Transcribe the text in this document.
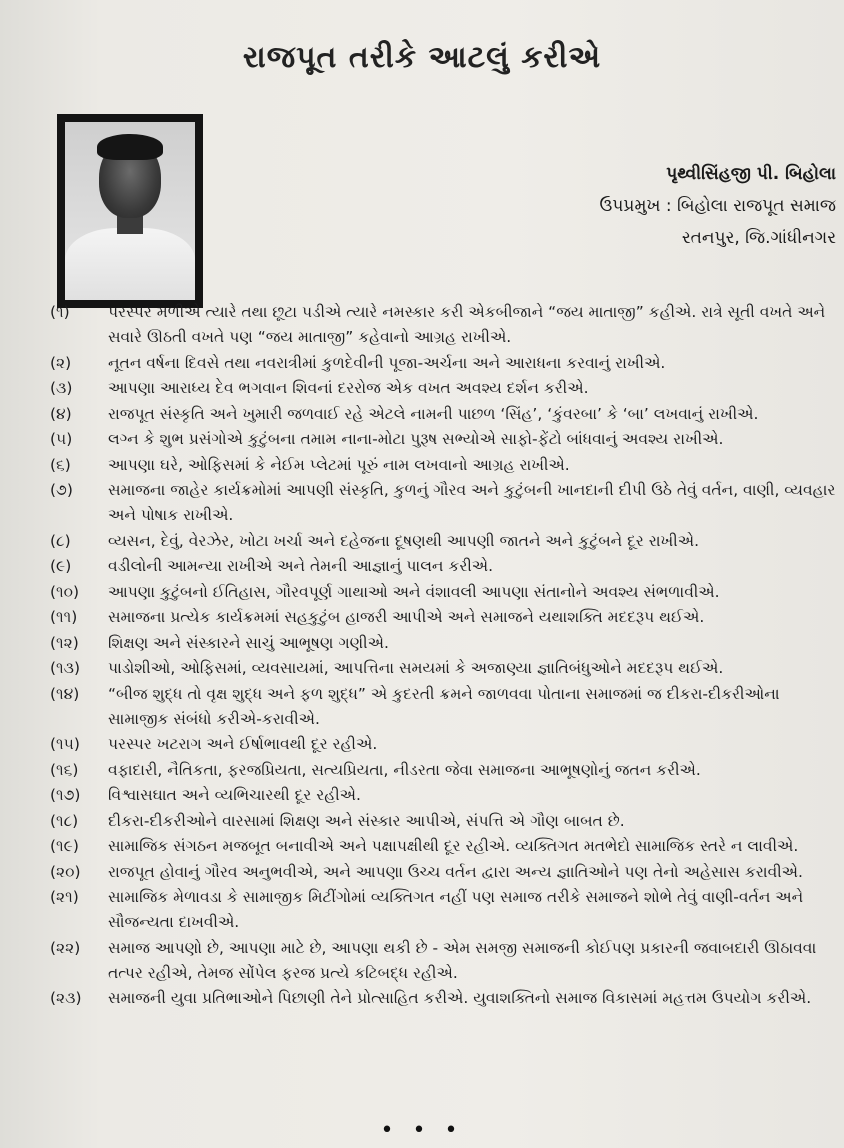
રાજપૂત તરીકે આટલું કરીએ
પૃથ્વીસિંહજી પી. બિહોલા
ઉપપ્રમુખ : બિહોલા રાજપૂત સમાજ
રતનપુર, જિ.ગાંધીનગર
(૧)	પરસ્પર મળીએ ત્યારે તથા છૂટા પડીએ ત્યારે નમસ્કાર કરી એકબીજાને “જય માતાજી” કહીએ. રાત્રે સૂતી વખતે અને સવારે ઊઠતી વખતે પણ “જય માતાજી” કહેવાનો આગ્રહ રાખીએ.
(૨)	નૂતન વર્ષના દિવસે તથા નવરાત્રીમાં કુળદેવીની પૂજા-અર્ચના અને આરાધના કરવાનું રાખીએ.
(૩)	આપણા આરાધ્ય દેવ ભગવાન શિવનાં દરરોજ એક વખત અવશ્ય દર્શન કરીએ.
(૪)	રાજપૂત સંસ્કૃતિ અને ખુમારી જળવાઈ રહે એટલે નામની પાછળ ‘સિંહ’, ‘કુંવરબા’ કે ‘બા’ લખવાનું રાખીએ.
(૫)	લગ્ન કે શુભ પ્રસંગોએ કુટુંબના તમામ નાના-મોટા પુરૂષ સભ્યોએ સાફો-ફેંટો બાંધવાનું અવશ્ય રાખીએ.
(૬)	આપણા ઘરે, ઓફિસમાં કે નેઈમ પ્લેટમાં પૂરું નામ લખવાનો આગ્રહ રાખીએ.
(૭)	સમાજના જાહેર કાર્યક્રમોમાં આપણી સંસ્કૃતિ, કુળનું ગૌરવ અને કુટુંબની ખાનદાની દીપી ઉઠે તેવું વર્તન, વાણી, વ્યવહાર અને પોષાક રાખીએ.
(૮)	વ્યસન, દેવું, વેરઝેર, ખોટા ખર્ચા અને દહેજના દૂષણથી આપણી જાતને અને કુટુંબને દૂર રાખીએ.
(૯)	વડીલોની આમન્યા રાખીએ અને તેમની આજ્ઞાનું પાલન કરીએ.
(૧૦)	આપણા કુટુંબનો ઈતિહાસ, ગૌરવપૂર્ણ ગાથાઓ અને વંશાવલી આપણા સંતાનોને અવશ્ય સંભળાવીએ.
(૧૧)	સમાજના પ્રત્યેક કાર્યક્રમમાં સહકુટુંબ હાજરી આપીએ અને સમાજને યથાશક્તિ મદદરૂપ થઈએ.
(૧૨)	શિક્ષણ અને સંસ્કારને સાચું આભૂષણ ગણીએ.
(૧૩)	પાડોશીઓ, ઓફિસમાં, વ્યવસાયમાં, આપત્તિના સમયમાં કે અજાણ્યા જ્ઞાતિબંધુઓને મદદરૂપ થઈએ.
(૧૪)	“બીજ શુદ્ધ તો વૃક્ષ શુદ્ધ અને ફળ શુદ્ધ” એ કુદરતી ક્રમને જાળવવા પોતાના સમાજમાં જ દીકરા-દીકરીઓના સામાજીક સંબંધો કરીએ-કરાવીએ.
(૧૫)	પરસ્પર ખટરાગ અને ઈર્ષાભાવથી દૂર રહીએ.
(૧૬)	વફાદારી, નૈતિકતા, ફરજપ્રિયતા, સત્યપ્રિયતા, નીડરતા જેવા સમાજના આભૂષણોનું જતન કરીએ.
(૧૭)	વિશ્વાસઘાત અને વ્યભિચારથી દૂર રહીએ.
(૧૮)	દીકરા-દીકરીઓને વારસામાં શિક્ષણ અને સંસ્કાર આપીએ, સંપત્તિ એ ગૌણ બાબત છે.
(૧૯)	સામાજિક સંગઠન મજબૂત બનાવીએ અને પક્ષાપક્ષીથી દૂર રહીએ. વ્યક્તિગત મતભેદો સામાજિક સ્તરે ન લાવીએ.
(૨૦)	રાજપૂત હોવાનું ગૌરવ અનુભવીએ, અને આપણા ઉચ્ચ વર્તન દ્વારા અન્ય જ્ઞાતિઓને પણ તેનો અહેસાસ કરાવીએ.
(૨૧)	સામાજિક મેળાવડા કે સામાજીક મિટીંગોમાં વ્યક્તિગત નહીં પણ સમાજ તરીકે સમાજને શોભે તેવું વાણી-વર્તન અને સૌજન્યતા દાખવીએ.
(૨૨)	સમાજ આપણો છે, આપણા માટે છે, આપણા થકી છે - એમ સમજી સમાજની કોઈપણ પ્રકારની જવાબદારી ઊઠાવવા તત્પર રહીએ, તેમજ સોંપેલ ફરજ પ્રત્યે કટિબદ્ધ રહીએ.
(૨૩)	સમાજની યુવા પ્રતિભાઓને પિછાણી તેને પ્રોત્સાહિત કરીએ. યુવાશક્તિનો સમાજ વિકાસમાં મહત્તમ ઉપયોગ કરીએ.
• • •
